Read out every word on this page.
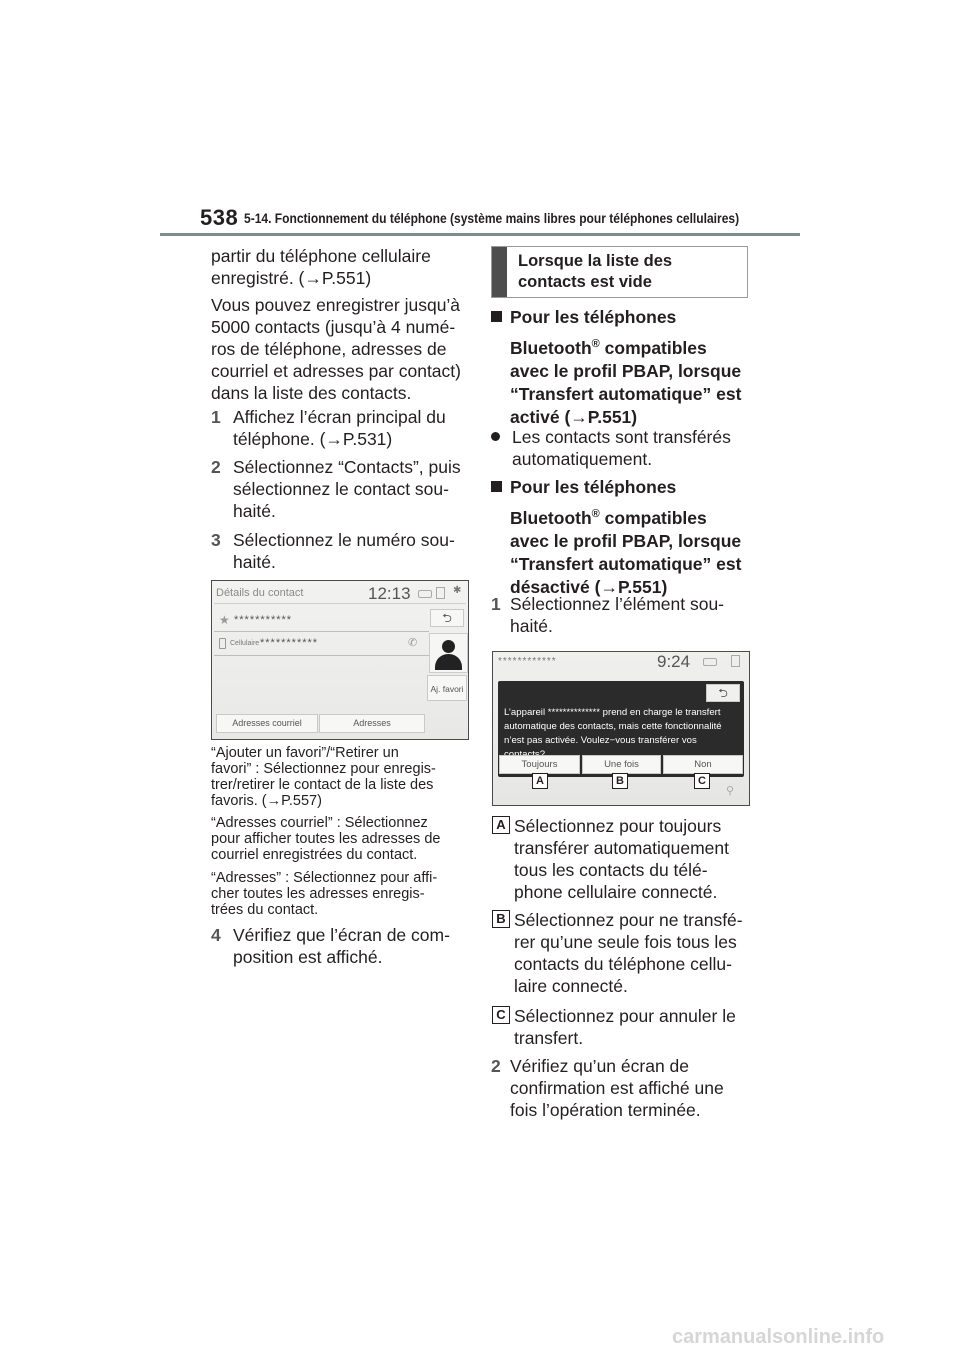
538 5-14. Fonctionnement du téléphone (système mains libres pour téléphones cellulaires)
partir du téléphone cellulaire
enregistré. (→P.551)
Vous pouvez enregistrer jusqu’à
5000 contacts (jusqu’à 4 numé-
ros de téléphone, adresses de
courriel et adresses par contact)
dans la liste des contacts.
1 Affichez l’écran principal du
téléphone. (→P.531)
2 Sélectionnez “Contacts”, puis
sélectionnez le contact sou-
haité.
3 Sélectionnez le numéro sou-
haité.
Détails du contact	12:13	✱
★ ***********	⮌
Cellulaire ***********	✆
Aj. favori
Adresses courriel	Adresses
“Ajouter un favori”/“Retirer un
favori” : Sélectionnez pour enregis-
trer/retirer le contact de la liste des
favoris. (→P.557)
“Adresses courriel” : Sélectionnez
pour afficher toutes les adresses de
courriel enregistrées du contact.
“Adresses” : Sélectionnez pour affi-
cher toutes les adresses enregis-
trées du contact.
4 Vérifiez que l’écran de com-
position est affiché.
Lorsque la liste des
contacts est vide
Pour les téléphones
Bluetooth® compatibles
avec le profil PBAP, lorsque
“Transfert automatique” est
activé (→P.551)
Les contacts sont transférés
automatiquement.
Pour les téléphones
Bluetooth® compatibles
avec le profil PBAP, lorsque
“Transfert automatique” est
désactivé (→P.551)
1 Sélectionnez l’élément sou-
haité.
************	9:24
⮌
L’appareil ************** prend en charge le transfert
automatique des contacts, mais cette fonctionnalité
n’est pas activée. Voulez−vous transférer vos
Toujours	Une fois	Non
A	B	C
⚲
A Sélectionnez pour toujours
transférer automatiquement
tous les contacts du télé-
phone cellulaire connecté.
B Sélectionnez pour ne transfé-
rer qu’une seule fois tous les
contacts du téléphone cellu-
laire connecté.
C Sélectionnez pour annuler le
transfert.
2 Vérifiez qu’un écran de
confirmation est affiché une
fois l’opération terminée.
carmanualsonline.info
